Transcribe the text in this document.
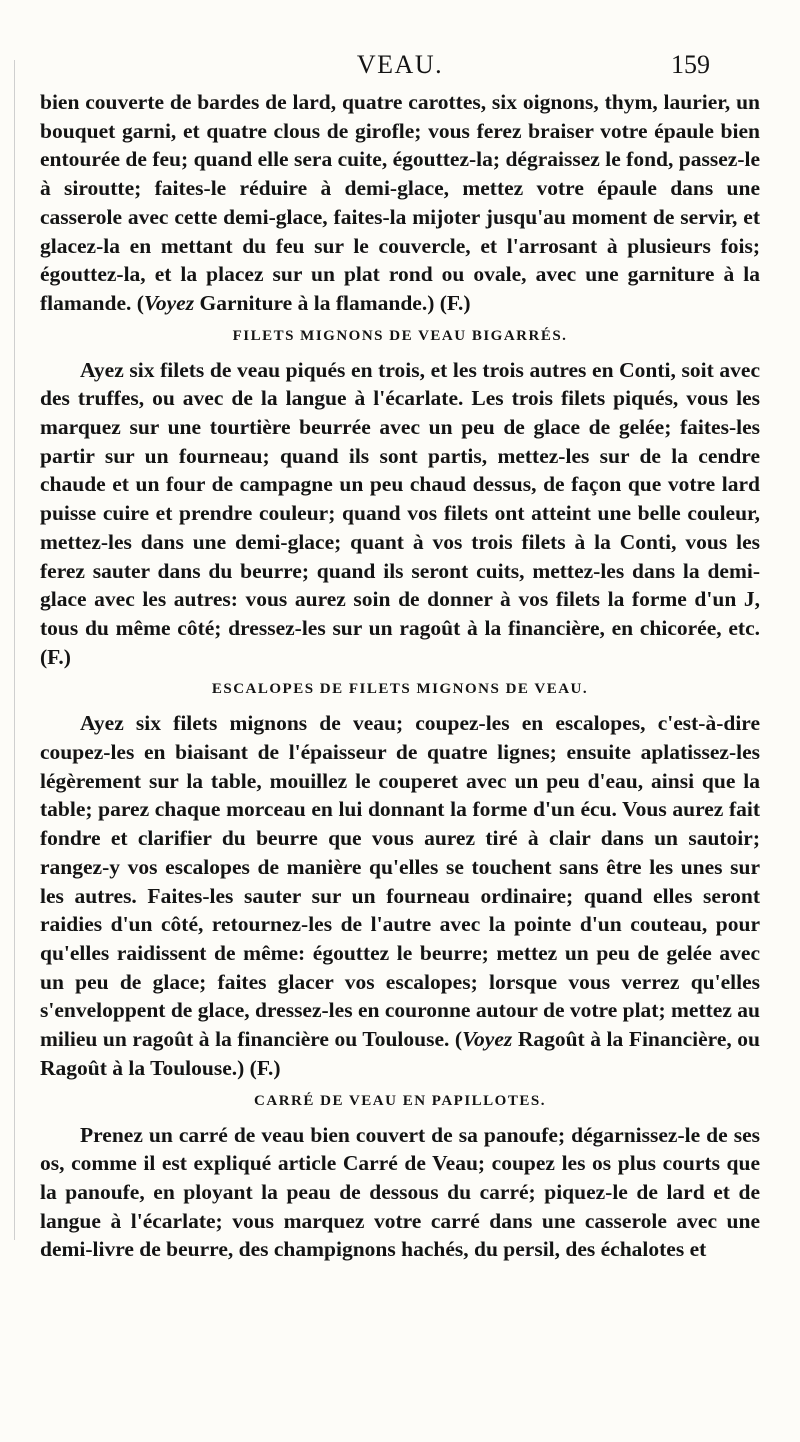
VEAU.	159

bien couverte de bardes de lard, quatre carottes, six oignons, thym, laurier, un bouquet garni, et quatre clous de girofle; vous ferez braiser votre épaule bien entourée de feu; quand elle sera cuite, égouttez-la; dégraissez le fond, passez-le à siroutte; faites-le réduire à demi-glace, mettez votre épaule dans une casserole avec cette demi-glace, faites-la mijoter jusqu'au moment de servir, et glacez-la en mettant du feu sur le couvercle, et l'arrosant à plusieurs fois; égouttez-la, et la placez sur un plat rond ou ovale, avec une garniture à la flamande. (Voyez Garniture à la flamande.) (F.)

FILETS MIGNONS DE VEAU BIGARRÉS.

Ayez six filets de veau piqués en trois, et les trois autres en Conti, soit avec des truffes, ou avec de la langue à l'écarlate. Les trois filets piqués, vous les marquez sur une tourtière beurrée avec un peu de glace de gelée; faites-les partir sur un fourneau; quand ils sont partis, mettez-les sur de la cendre chaude et un four de campagne un peu chaud dessus, de façon que votre lard puisse cuire et prendre couleur; quand vos filets ont atteint une belle couleur, mettez-les dans une demi-glace; quant à vos trois filets à la Conti, vous les ferez sauter dans du beurre; quand ils seront cuits, mettez-les dans la demi-glace avec les autres: vous aurez soin de donner à vos filets la forme d'un J, tous du même côté; dressez-les sur un ragoût à la financière, en chicorée, etc. (F.)

ESCALOPES DE FILETS MIGNONS DE VEAU.

Ayez six filets mignons de veau; coupez-les en escalopes, c'est-à-dire coupez-les en biaisant de l'épaisseur de quatre lignes; ensuite aplatissez-les légèrement sur la table, mouillez le couperet avec un peu d'eau, ainsi que la table; parez chaque morceau en lui donnant la forme d'un écu. Vous aurez fait fondre et clarifier du beurre que vous aurez tiré à clair dans un sautoir; rangez-y vos escalopes de manière qu'elles se touchent sans être les unes sur les autres. Faites-les sauter sur un fourneau ordinaire; quand elles seront raidies d'un côté, retournez-les de l'autre avec la pointe d'un couteau, pour qu'elles raidissent de même: égouttez le beurre; mettez un peu de gelée avec un peu de glace; faites glacer vos escalopes; lorsque vous verrez qu'elles s'enveloppent de glace, dressez-les en couronne autour de votre plat; mettez au milieu un ragoût à la financière ou Toulouse. (Voyez Ragoût à la Financière, ou Ragoût à la Toulouse.) (F.)

CARRÉ DE VEAU EN PAPILLOTES.

Prenez un carré de veau bien couvert de sa panoufe; dégarnissez-le de ses os, comme il est expliqué article Carré de Veau; coupez les os plus courts que la panoufe, en ployant la peau de dessous du carré; piquez-le de lard et de langue à l'écarlate; vous marquez votre carré dans une casserole avec une demi-livre de beurre, des champignons hachés, du persil, des échalotes et
